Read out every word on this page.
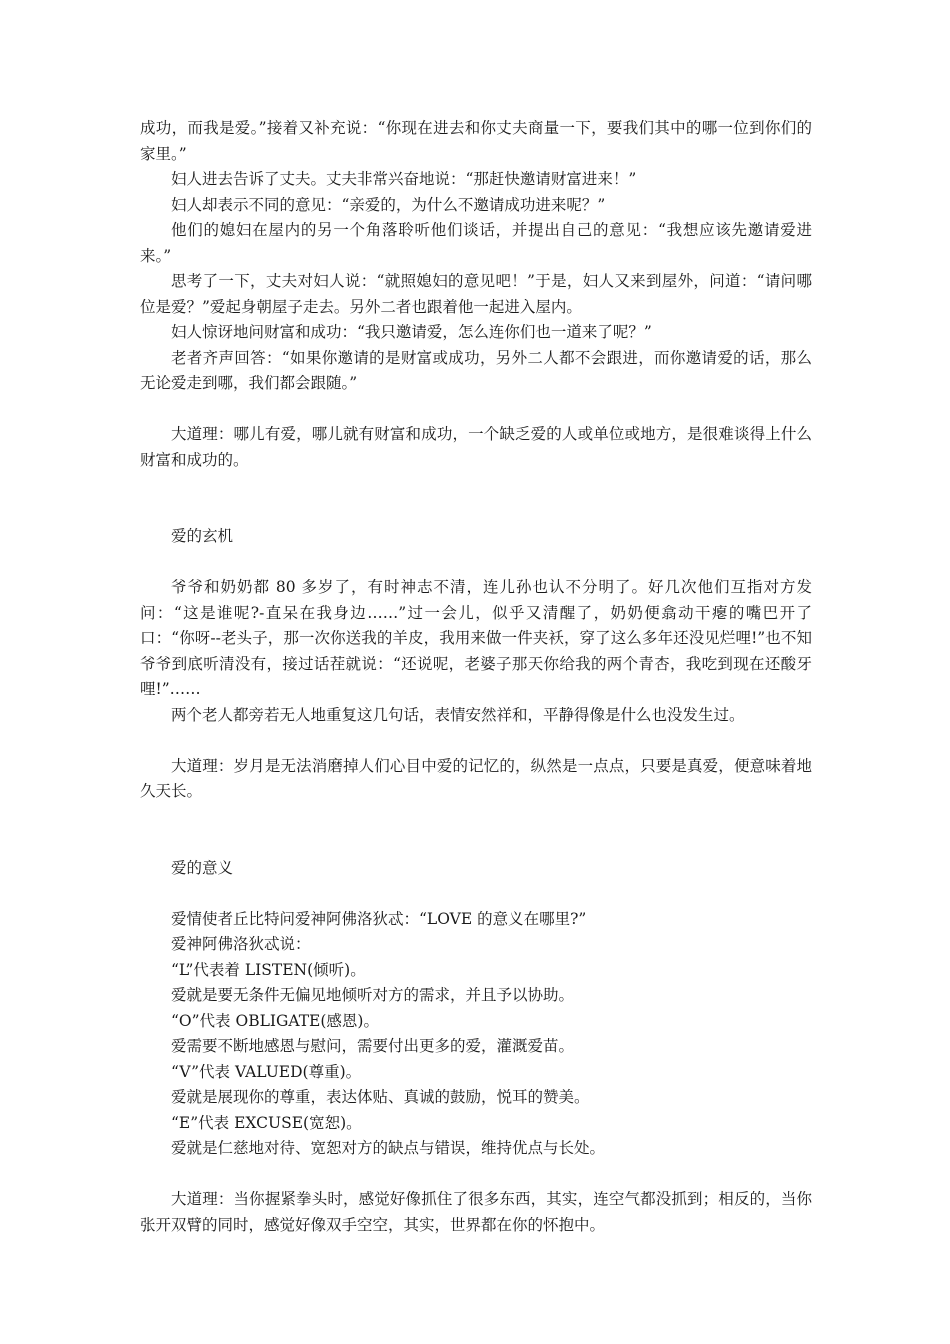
成功，而我是爱。”接着又补充说：“你现在进去和你丈夫商量一下，要我们其中的哪一位到你们的家里。”

妇人进去告诉了丈夫。丈夫非常兴奋地说：“那赶快邀请财富进来！”

妇人却表示不同的意见：“亲爱的，为什么不邀请成功进来呢？”

他们的媳妇在屋内的另一个角落聆听他们谈话，并提出自己的意见：“我想应该先邀请爱进来。”

思考了一下，丈夫对妇人说：“就照媳妇的意见吧！”于是，妇人又来到屋外，问道：“请问哪位是爱？”爱起身朝屋子走去。另外二者也跟着他一起进入屋内。

妇人惊讶地问财富和成功：“我只邀请爱，怎么连你们也一道来了呢？”

老者齐声回答：“如果你邀请的是财富或成功，另外二人都不会跟进，而你邀请爱的话，那么无论爱走到哪，我们都会跟随。”

大道理：哪儿有爱，哪儿就有财富和成功，一个缺乏爱的人或单位或地方，是很难谈得上什么财富和成功的。

爱的玄机

爷爷和奶奶都 80 多岁了，有时神志不清，连儿孙也认不分明了。好几次他们互指对方发问：“这是谁呢?-直呆在我身边……”过一会儿，似乎又清醒了，奶奶便翕动干瘪的嘴巴开了口：“你呀--老头子，那一次你送我的羊皮，我用来做一件夹袄，穿了这么多年还没见烂哩!”也不知爷爷到底听清没有，接过话茬就说：“还说呢，老婆子那天你给我的两个青杏，我吃到现在还酸牙哩!”……

两个老人都旁若无人地重复这几句话，表情安然祥和，平静得像是什么也没发生过。

大道理：岁月是无法消磨掉人们心目中爱的记忆的，纵然是一点点，只要是真爱，便意味着地久天长。

爱的意义

爱情使者丘比特问爱神阿佛洛狄忒：“LOVE 的意义在哪里?”

爱神阿佛洛狄忒说：

“L”代表着 LISTEN(倾听)。

爱就是要无条件无偏见地倾听对方的需求，并且予以协助。

“O”代表 OBLIGATE(感恩)。

爱需要不断地感恩与慰问，需要付出更多的爱，灌溉爱苗。

“V”代表 VALUED(尊重)。

爱就是展现你的尊重，表达体贴、真诚的鼓励，悦耳的赞美。

“E”代表 EXCUSE(宽恕)。

爱就是仁慈地对待、宽恕对方的缺点与错误，维持优点与长处。

大道理：当你握紧拳头时，感觉好像抓住了很多东西，其实，连空气都没抓到；相反的，当你张开双臂的同时，感觉好像双手空空，其实，世界都在你的怀抱中。
